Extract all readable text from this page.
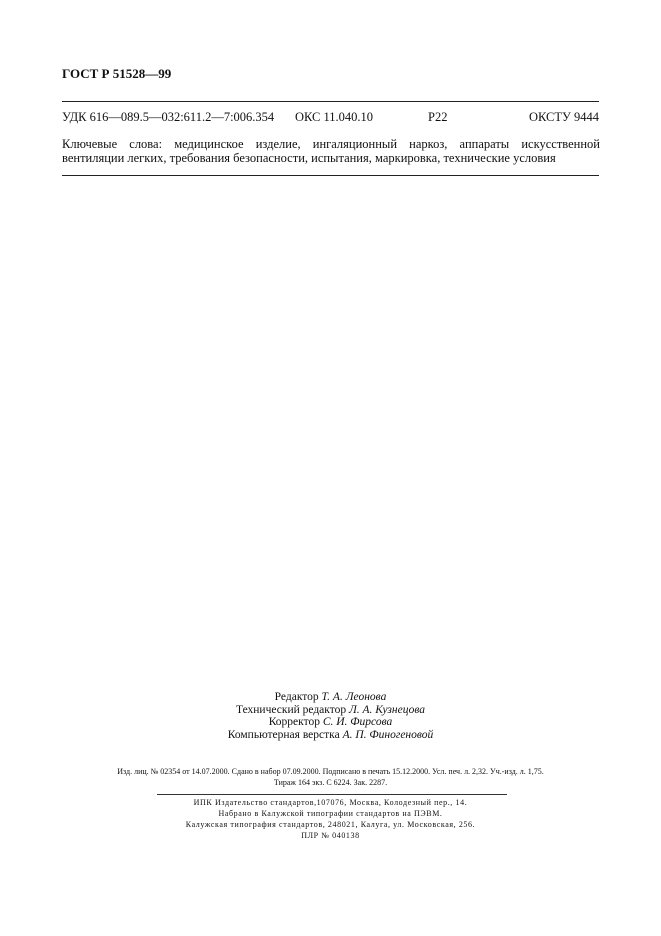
ГОСТ Р 51528—99
УДК 616—089.5—032:611.2—7:006.354 ОКС 11.040.10	Р22	ОКСТУ 9444
Ключевые слова: медицинское изделие, ингаляционный наркоз, аппараты искусственной вентиляции легких, требования безопасности, испытания, маркировка, технические условия
Редактор Т. А. Леонова
Технический редактор Л. А. Кузнецова
Корректор С. И. Фирсова
Компьютерная верстка А. П. Финогеновой
Изд. лиц. № 02354 от 14.07.2000. Сдано в набор 07.09.2000. Подписано в печать 15.12.2000. Усл. печ. л. 2,32. Уч.-изд. л. 1,75.
Тираж 164 экз. С 6224. Зак. 2287.
ИПК Издательство стандартов,107076, Москва, Колодезный пер., 14.
Набрано в Калужской типографии стандартов на ПЭВМ.
Калужская типография стандартов, 248021, Калуга, ул. Московская, 256.
ПЛР № 040138
